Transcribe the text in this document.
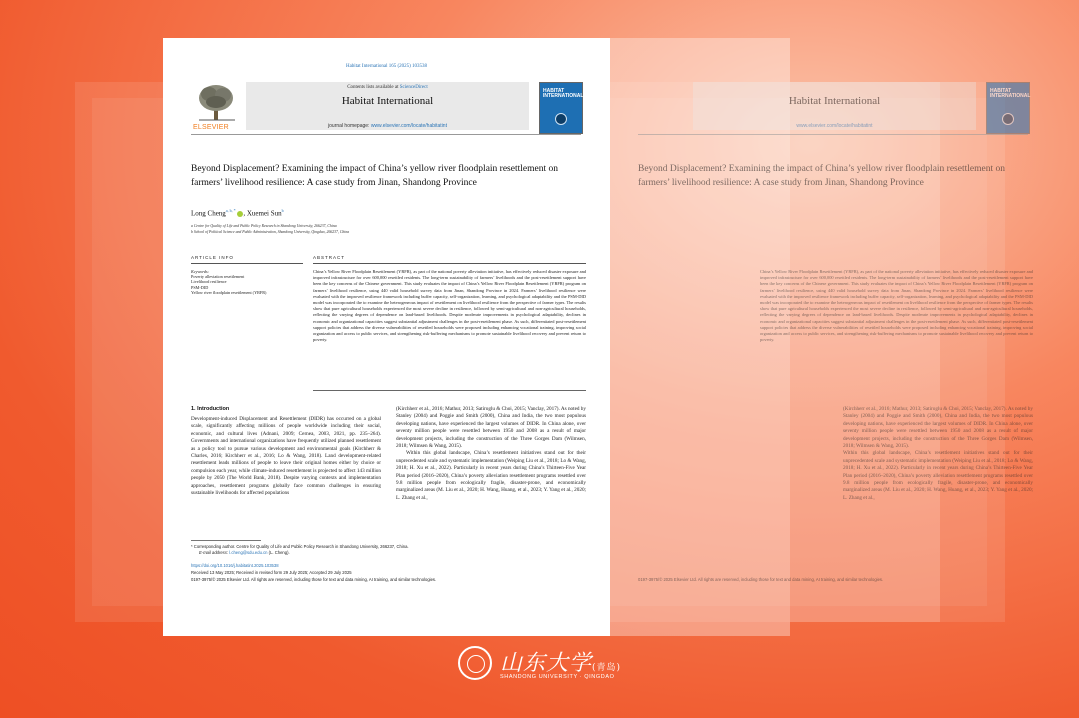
Habitat International 165 (2025) 103538
ELSEVIER
Contents lists available at ScienceDirect
Habitat International
journal homepage: www.elsevier.com/locate/habitatint
HABITAT INTERNATIONAL
Beyond Displacement? Examining the impact of China’s yellow river floodplain resettlement on farmers’ livelihood resilience: A case study from Jinan, Shandong Province
Long Cheng$^{a, b, *}$ , Xuemei Sun$^b$
a Centre for Quality of Life and Public Policy Research in Shandong University, 266237, China
b School of Political Science and Public Administration, Shandong University, Qingdao, 266237, China
ARTICLE INFO	ABSTRACT
Keywords:
Poverty alleviation resettlement
Livelihood resilience
PSM-DID
Yellow river floodplain resettlement (YRFR)
China’s Yellow River Floodplain Resettlement (YRFR), as part of the national poverty alleviation initiative, has effectively reduced disaster exposure and improved infrastructure for over 600,000 resettled residents. The long-term sustainability of farmers’ livelihoods and the post-resettlement support have been the key concerns of the Chinese government. This study evaluates the impact of China’s Yellow River Floodplain Resettlement (YRFR) program on farmers’ livelihood resilience, using 440 valid household survey data from Jinan, Shandong Province in 2024. Farmers’ livelihood resilience were evaluated with the improved resilience framework including buffer capacity, self-organization, learning, and psychological adaptability and the PSM-DID model was incorporated the to examine the heterogeneous impact of resettlement on livelihood resilience from the perspective of farmer types. The results show that pure agricultural households experienced the most severe decline in resilience, followed by semi-agricultural and non-agricultural households, reflecting the varying degrees of dependence on land-based livelihoods. Despite moderate improvements in psychological adaptability, declines in economic and organizational capacities suggest substantial adjustment challenges in the post-resettlement phase. As such, differentiated post-resettlement support policies that address the diverse vulnerabilities of resettled households were proposed including enhancing vocational training, improving social organization and access to public services, and strengthening risk-buffering mechanisms to promote sustainable livelihood recovery and prevent return to poverty.
1. Introduction
Development-induced Displacement and Resettlement (DIDR) has occurred on a global scale, significantly affecting millions of people worldwide including their social, economic, and cultural lives (Adnani, 2009; Cernea, 2003, 2021, pp. 235–264). Governments and international organizations have frequently utilized planned resettlement as a policy tool to pursue various development and environmental goals (Kirchherr & Charles, 2016; Kirchherr et al., 2016; Lo & Wang, 2018). Land development-related resettlement leads millions of people to leave their original homes either by choice or compulsion each year, while climate-induced resettlement is projected to affect 143 million people by 2050 (The World Bank, 2018). Despite varying contexts and implementation approaches, resettlement programs globally face common challenges in ensuring sustainable livelihoods for affected populations
(Kirchherr et al., 2016; Mathur, 2013; Satiroglu & Choi, 2015; Vanclay, 2017). As noted by Stanley (2004) and Poggie and Smith (2000), China and India, the two most populous developing nations, have experienced the largest volumes of DIDR. In China alone, over seventy million people were resettled between 1950 and 2008 as a result of major development projects, including the construction of the Three Gorges Dam (Wilmsen, 2018; Wilmsen & Wang, 2015).
Within this global landscape, China’s resettlement initiatives stand out for their unprecedented scale and systematic implementation (Weiping Liu et al., 2018; Lo & Wang, 2018; H. Xu et al., 2022). Particularly in recent years during China’s Thirteen-Five Year Plan period (2016–2020), China’s poverty alleviation resettlement programs resettled over 9.8 million people from ecologically fragile, disaster-prone, and economically marginalized areas (M. Liu et al., 2020; H. Wang, Huang, et al., 2023; Y. Yang et al., 2020; L. Zhang et al.,
* Corresponding author. Centre for Quality of Life and Public Policy Research in Shandong University, 266237, China.
E-mail address: l.cheng@sdu.edu.cn (L. Cheng).
https://doi.org/10.1016/j.habitatint.2025.103538
Received 13 May 2025; Received in revised form 29 July 2025; Accepted 29 July 2025
0197-3975/© 2025 Elsevier Ltd. All rights are reserved, including those for text and data mining, AI training, and similar technologies.
Habitat International
www.elsevier.com/locate/habitatint
HABITAT INTERNATIONAL
Beyond Displacement? Examining the impact of China’s yellow river floodplain resettlement on farmers’ livelihood resilience: A case study from Jinan, Shandong Province
China’s Yellow River Floodplain Resettlement (YRFR), as part of the national poverty alleviation initiative, has effectively reduced disaster exposure and improved infrastructure for over 600,000 resettled residents. The long-term sustainability of farmers’ livelihoods and the post-resettlement support have been the key concerns of the Chinese government. This study evaluates the impact of China’s Yellow River Floodplain Resettlement (YRFR) program on farmers’ livelihood resilience, using 440 valid household survey data from Jinan, Shandong Province in 2024. Farmers’ livelihood resilience were evaluated with the improved resilience framework including buffer capacity, self-organization, learning, and psychological adaptability and the PSM-DID model was incorporated the to examine the heterogeneous impact of resettlement on livelihood resilience from the perspective of farmer types. The results show that pure agricultural households experienced the most severe decline in resilience, followed by semi-agricultural and non-agricultural households, reflecting the varying degrees of dependence on land-based livelihoods. Despite moderate improvements in psychological adaptability, declines in economic and organizational capacities suggest substantial adjustment challenges in the post-resettlement phase. As such, differentiated post-resettlement support policies that address the diverse vulnerabilities of resettled households were proposed including enhancing vocational training, improving social organization and access to public services, and strengthening risk-buffering mechanisms to promote sustainable livelihood recovery and prevent return to poverty.
(Kirchherr et al., 2016; Mathur, 2013; Satiroglu & Choi, 2015; Vanclay, 2017). As noted by Stanley (2004) and Poggie and Smith (2000), China and India, the two most populous developing nations, have experienced the largest volumes of DIDR. In China alone, over seventy million people were resettled between 1950 and 2008 as a result of major development projects, including the construction of the Three Gorges Dam (Wilmsen, 2018; Wilmsen & Wang, 2015).
Within this global landscape, China’s resettlement initiatives stand out for their unprecedented scale and systematic implementation (Weiping Liu et al., 2018; Lo & Wang, 2018; H. Xu et al., 2022). Particularly in recent years during China’s Thirteen-Five Year Plan period (2016–2020), China’s poverty alleviation resettlement programs resettled over 9.8 million people from ecologically fragile, disaster-prone, and economically marginalized areas (M. Liu et al., 2020; H. Wang, Huang, et al., 2023; Y. Yang et al., 2020; L. Zhang et al.,
0197-3975/© 2025 Elsevier Ltd. All rights are reserved, including those for text and data mining, AI training, and similar technologies.
山东大学(青岛)
SHANDONG UNIVERSITY · QINGDAO
